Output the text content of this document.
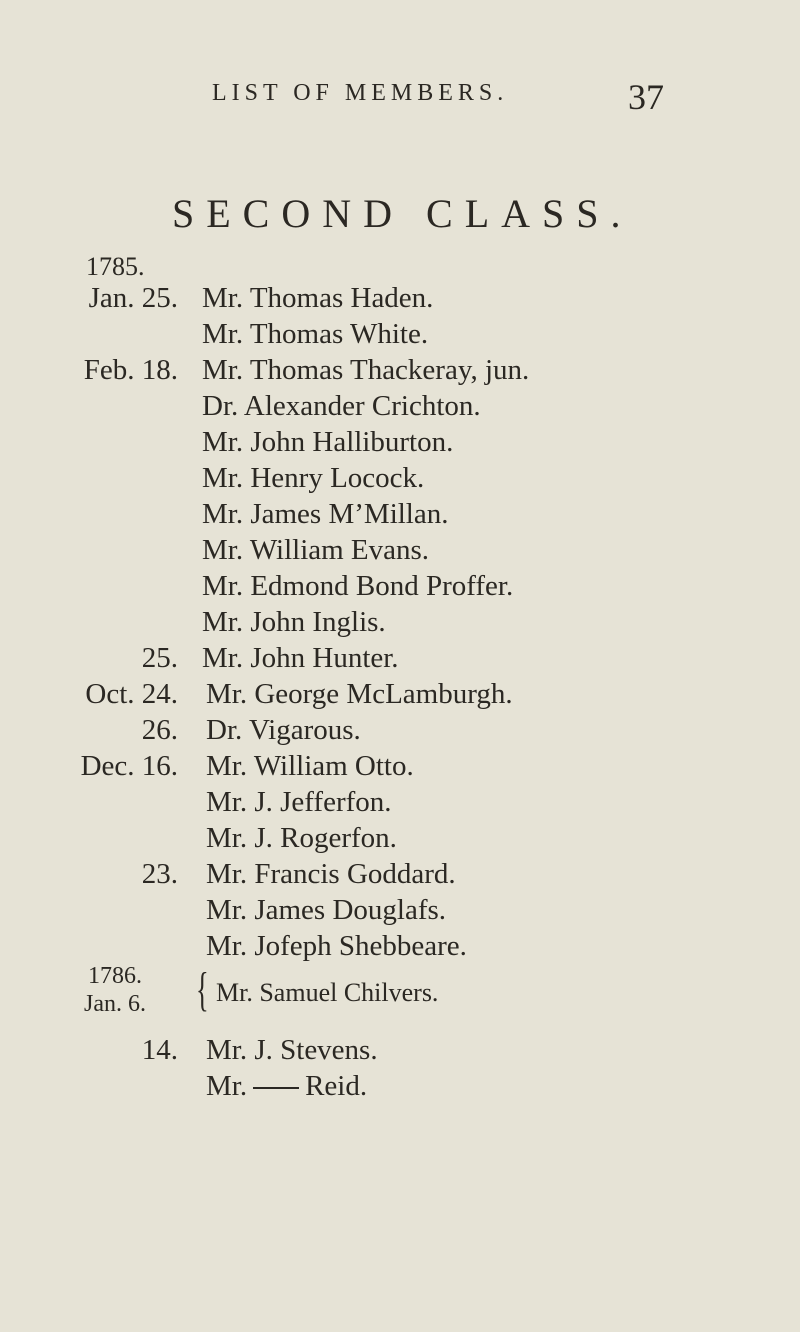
LIST OF MEMBERS.	37
SECOND CLASS.
1785.
Jan. 25. Mr. Thomas Haden.
Mr. Thomas White.
Feb. 18. Mr. Thomas Thackeray, jun.
Dr. Alexander Crichton.
Mr. John Halliburton.
Mr. Henry Locock.
Mr. James M’Millan.
Mr. William Evans.
Mr. Edmond Bond Proffer.
Mr. John Inglis.
25. Mr. John Hunter.
Oct. 24. Mr. George McLamburgh.
26. Dr. Vigarous.
Dec. 16. Mr. William Otto.
Mr. J. Jefferfon.
Mr. J. Rogerfon.
23. Mr. Francis Goddard.
Mr. James Douglafs.
Mr. Jofeph Shebbeare.
1786.
Jan. 6. { Mr. Samuel Chilvers.
14. Mr. J. Stevens.
Mr. Reid.
